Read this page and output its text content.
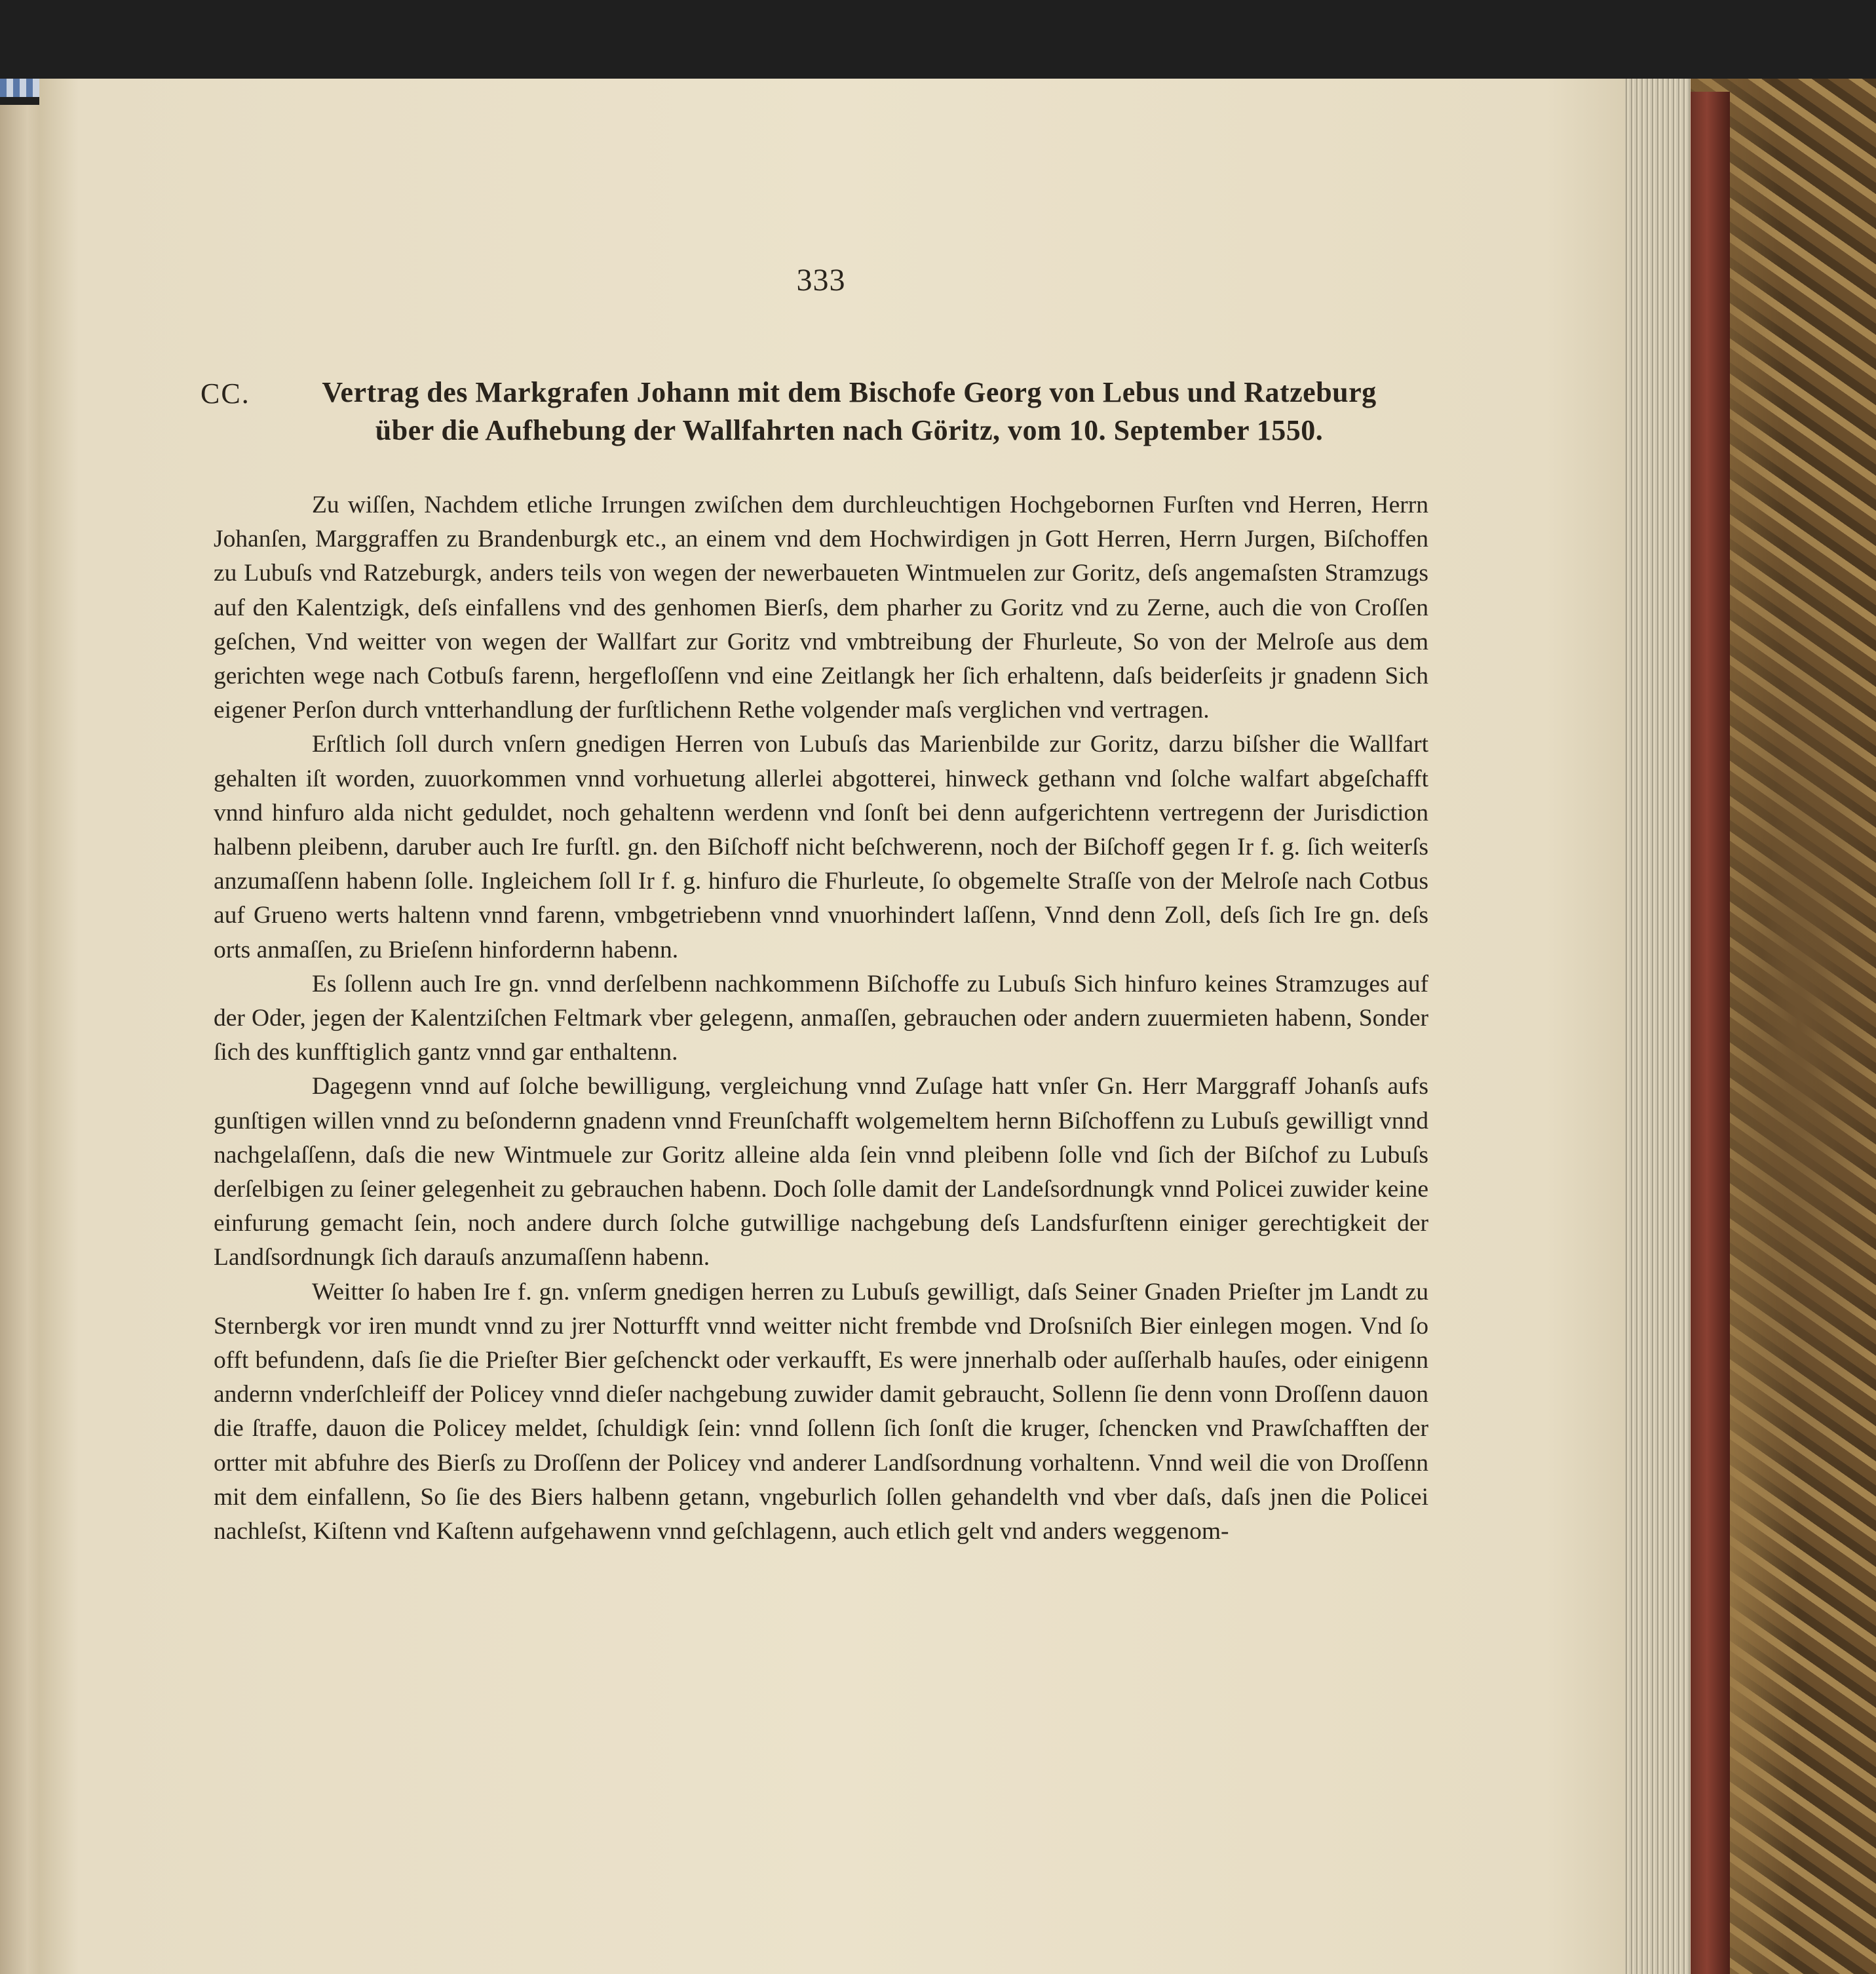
333
CC.	Vertrag des Markgrafen Johann mit dem Bischofe Georg von Lebus und Ratzeburg
über die Aufhebung der Wallfahrten nach Göritz, vom 10. September 1550.

Zu wiſſen, Nachdem etliche Irrungen zwiſchen dem durchleuchtigen Hochgebornen Furſten vnd Herren, Herrn Johanſen, Marggraffen zu Brandenburgk etc., an einem vnd dem Hochwirdigen jn Gott Herren, Herrn Jurgen, Biſchoffen zu Lubuſs vnd Ratzeburgk, anders teils von wegen der newerbaueten Wintmuelen zur Goritz, deſs angemaſsten Stramzugs auf den Kalentzigk, deſs einfallens vnd des genhomen Bierſs, dem pharher zu Goritz vnd zu Zerne, auch die von Croſſen geſchen, Vnd weitter von wegen der Wallfart zur Goritz vnd vmbtreibung der Fhurleute, So von der Melroſe aus dem gerichten wege nach Cotbuſs farenn, hergefloſſenn vnd eine Zeitlangk her ſich erhaltenn, daſs beiderſeits jr gnadenn Sich eigener Perſon durch vntterhandlung der furſtlichenn Rethe volgender maſs verglichen vnd vertragen.

Erſtlich ſoll durch vnſern gnedigen Herren von Lubuſs das Marienbilde zur Goritz, darzu biſsher die Wallfart gehalten iſt worden, zuuorkommen vnnd vorhuetung allerlei abgotterei, hinweck gethann vnd ſolche walfart abgeſchafft vnnd hinfuro alda nicht geduldet, noch gehaltenn werdenn vnd ſonſt bei denn aufgerichtenn vertregenn der Jurisdiction halbenn pleibenn, daruber auch Ire furſtl. gn. den Biſchoff nicht beſchwerenn, noch der Biſchoff gegen Ir f. g. ſich weiterſs anzumaſſenn habenn ſolle. Ingleichem ſoll Ir f. g. hinfuro die Fhurleute, ſo obgemelte Straſſe von der Melroſe nach Cotbus auf Grueno werts haltenn vnnd farenn, vmbgetriebenn vnnd vnuorhindert laſſenn, Vnnd denn Zoll, deſs ſich Ire gn. deſs orts anmaſſen, zu Brieſenn hinfordernn habenn.

Es ſollenn auch Ire gn. vnnd derſelbenn nachkommenn Biſchoffe zu Lubuſs Sich hinfuro keines Stramzuges auf der Oder, jegen der Kalentziſchen Feltmark vber gelegenn, anmaſſen, gebrauchen oder andern zuuermieten habenn, Sonder ſich des kunfftiglich gantz vnnd gar enthaltenn.

Dagegenn vnnd auf ſolche bewilligung, vergleichung vnnd Zuſage hatt vnſer Gn. Herr Marggraff Johanſs aufs gunſtigen willen vnnd zu beſondernn gnadenn vnnd Freunſchafft wolgemeltem hernn Biſchoffenn zu Lubuſs gewilligt vnnd nachgelaſſenn, daſs die new Wintmuele zur Goritz alleine alda ſein vnnd pleibenn ſolle vnd ſich der Biſchof zu Lubuſs derſelbigen zu ſeiner gelegenheit zu gebrauchen habenn. Doch ſolle damit der Landeſsordnungk vnnd Policei zuwider keine einfurung gemacht ſein, noch andere durch ſolche gutwillige nachgebung deſs Landsfurſtenn einiger gerechtigkeit der Landſsordnungk ſich darauſs anzumaſſenn habenn.

Weitter ſo haben Ire f. gn. vnſerm gnedigen herren zu Lubuſs gewilligt, daſs Seiner Gnaden Prieſter jm Landt zu Sternbergk vor iren mundt vnnd zu jrer Notturfft vnnd weitter nicht frembde vnd Droſsniſch Bier einlegen mogen. Vnd ſo offt befundenn, daſs ſie die Prieſter Bier geſchenckt oder verkaufft, Es were jnnerhalb oder auſſerhalb hauſes, oder einigenn andernn vnderſchleiff der Policey vnnd dieſer nachgebung zuwider damit gebraucht, Sollenn ſie denn vonn Droſſenn dauon die ſtraffe, dauon die Policey meldet, ſchuldigk ſein: vnnd ſollenn ſich ſonſt die kruger, ſchencken vnd Prawſchafften der ortter mit abfuhre des Bierſs zu Droſſenn der Policey vnd anderer Landſsordnung vorhaltenn. Vnnd weil die von Droſſenn mit dem einfallenn, So ſie des Biers halbenn getann, vngeburlich ſollen gehandelth vnd vber daſs, daſs jnen die Policei nachleſst, Kiſtenn vnd Kaſtenn aufgehawenn vnnd geſchlagenn, auch etlich gelt vnd anders weggenom-
